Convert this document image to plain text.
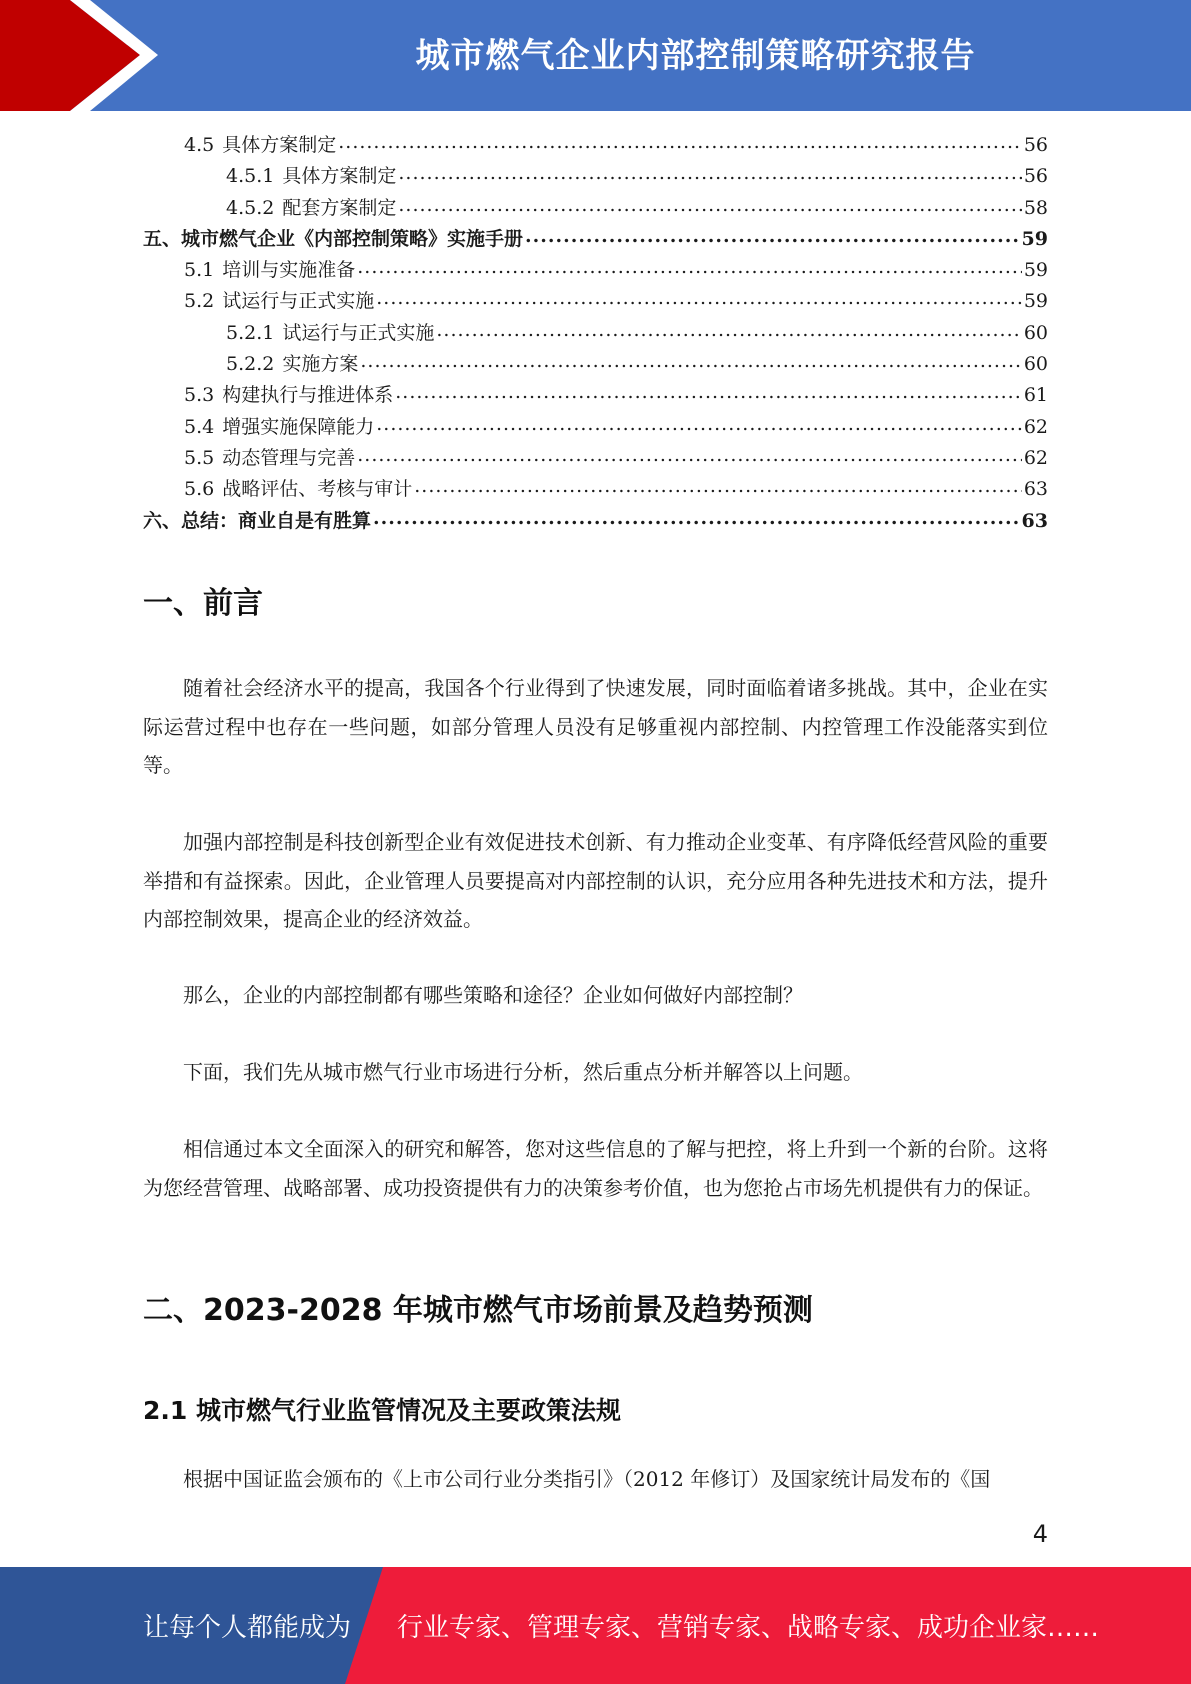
城市燃气企业内部控制策略研究报告
4.5 具体方案制定 .....	56
4.5.1 具体方案制定 .....	56
4.5.2 配套方案制定 .....	58
五、城市燃气企业《内部控制策略》实施手册 .....	59
5.1 培训与实施准备 .....	59
5.2 试运行与正式实施 .....	59
5.2.1 试运行与正式实施 .....	60
5.2.2 实施方案 .....	60
5.3 构建执行与推进体系 .....	61
5.4 增强实施保障能力 .....	62
5.5 动态管理与完善 .....	62
5.6 战略评估、考核与审计 .....	63
六、总结：商业自是有胜算 .....	63
一、前言

随着社会经济水平的提高，我国各个行业得到了快速发展，同时面临着诸多挑战。其中，企业在实际运营过程中也存在一些问题，如部分管理人员没有足够重视内部控制、内控管理工作没能落实到位等。

加强内部控制是科技创新型企业有效促进技术创新、有力推动企业变革、有序降低经营风险的重要举措和有益探索。因此，企业管理人员要提高对内部控制的认识，充分应用各种先进技术和方法，提升内部控制效果，提高企业的经济效益。

那么，企业的内部控制都有哪些策略和途径？企业如何做好内部控制？

下面，我们先从城市燃气行业市场进行分析，然后重点分析并解答以上问题。

相信通过本文全面深入的研究和解答，您对这些信息的了解与把控，将上升到一个新的台阶。这将为您经营管理、战略部署、成功投资提供有力的决策参考价值，也为您抢占市场先机提供有力的保证。

二、2023-2028 年城市燃气市场前景及趋势预测
2.1 城市燃气行业监管情况及主要政策法规

根据中国证监会颁布的《上市公司行业分类指引》（2012 年修订）及国家统计局发布的《国

4
让每个人都能成为 行业专家、管理专家、营销专家、战略专家、成功企业家……
